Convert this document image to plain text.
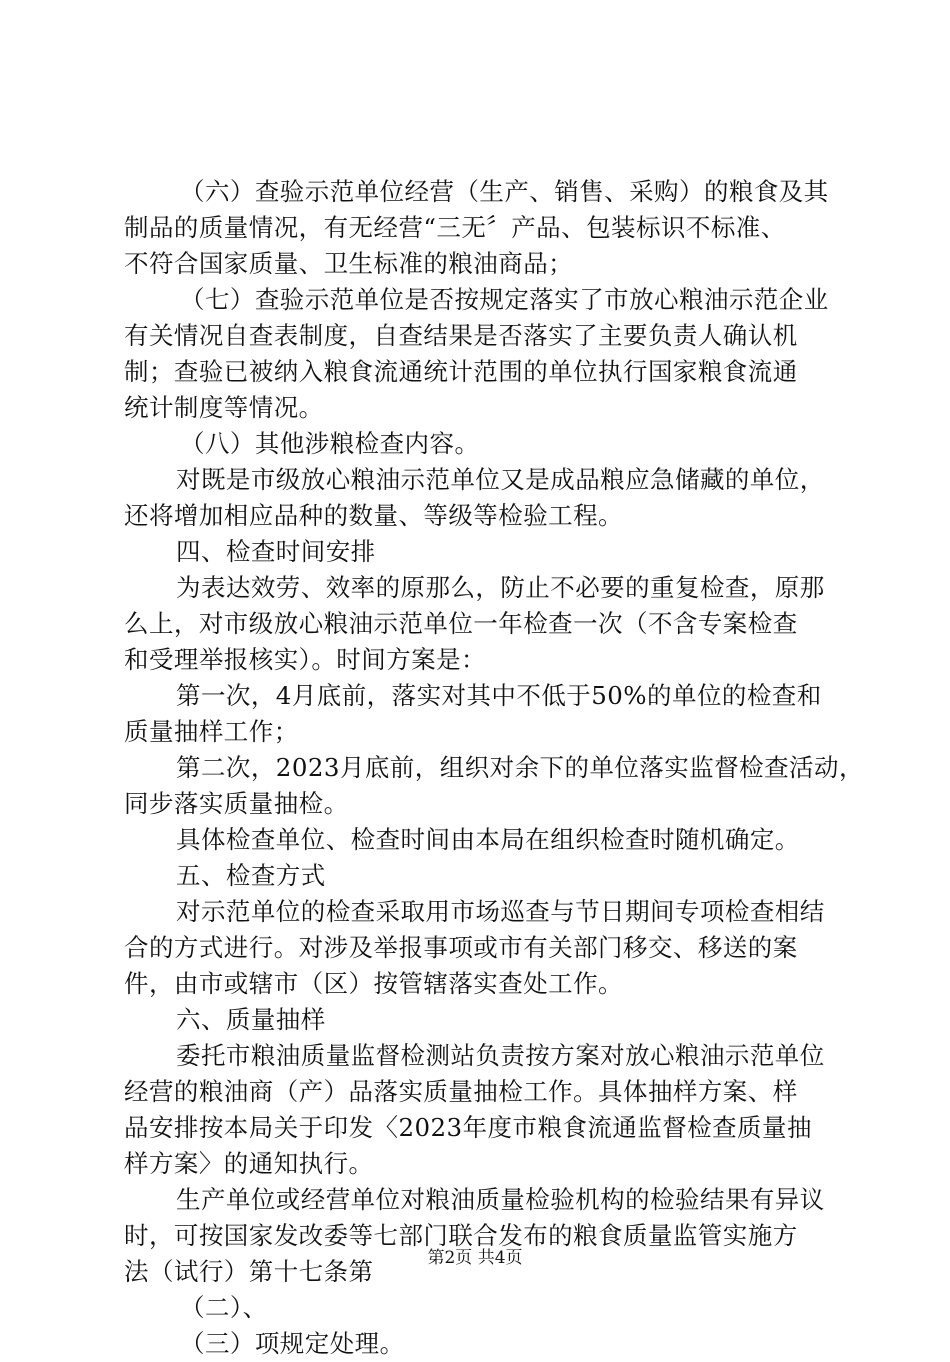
（六）查验示范单位经营（生产、销售、采购）的粮食及其
制品的质量情况，有无经营“三无〞产品、包装标识不标准、
不符合国家质量、卫生标准的粮油商品；
（七）查验示范单位是否按规定落实了市放心粮油示范企业
有关情况自查表制度，自查结果是否落实了主要负责人确认机
制；查验已被纳入粮食流通统计范围的单位执行国家粮食流通
统计制度等情况。
（八）其他涉粮检查内容。
对既是市级放心粮油示范单位又是成品粮应急储藏的单位，
还将增加相应品种的数量、等级等检验工程。
四、检查时间安排
为表达效劳、效率的原那么，防止不必要的重复检查，原那
么上，对市级放心粮油示范单位一年检查一次（不含专案检查
和受理举报核实）。时间方案是：
第一次，4月底前，落实对其中不低于50%的单位的检查和
质量抽样工作；
第二次，2023月底前，组织对余下的单位落实监督检查活动，
同步落实质量抽检。
具体检查单位、检查时间由本局在组织检查时随机确定。
五、检查方式
对示范单位的检查采取用市场巡查与节日期间专项检查相结
合的方式进行。对涉及举报事项或市有关部门移交、移送的案
件，由市或辖市（区）按管辖落实查处工作。
六、质量抽样
委托市粮油质量监督检测站负责按方案对放心粮油示范单位
经营的粮油商（产）品落实质量抽检工作。具体抽样方案、样
品安排按本局关于印发〈2023年度市粮食流通监督检查质量抽
样方案〉的通知执行。
生产单位或经营单位对粮油质量检验机构的检验结果有异议
时，可按国家发改委等七部门联合发布的粮食质量监管实施方
法（试行）第十七条第
（二）、
（三）项规定处理。
第2页 共4页
